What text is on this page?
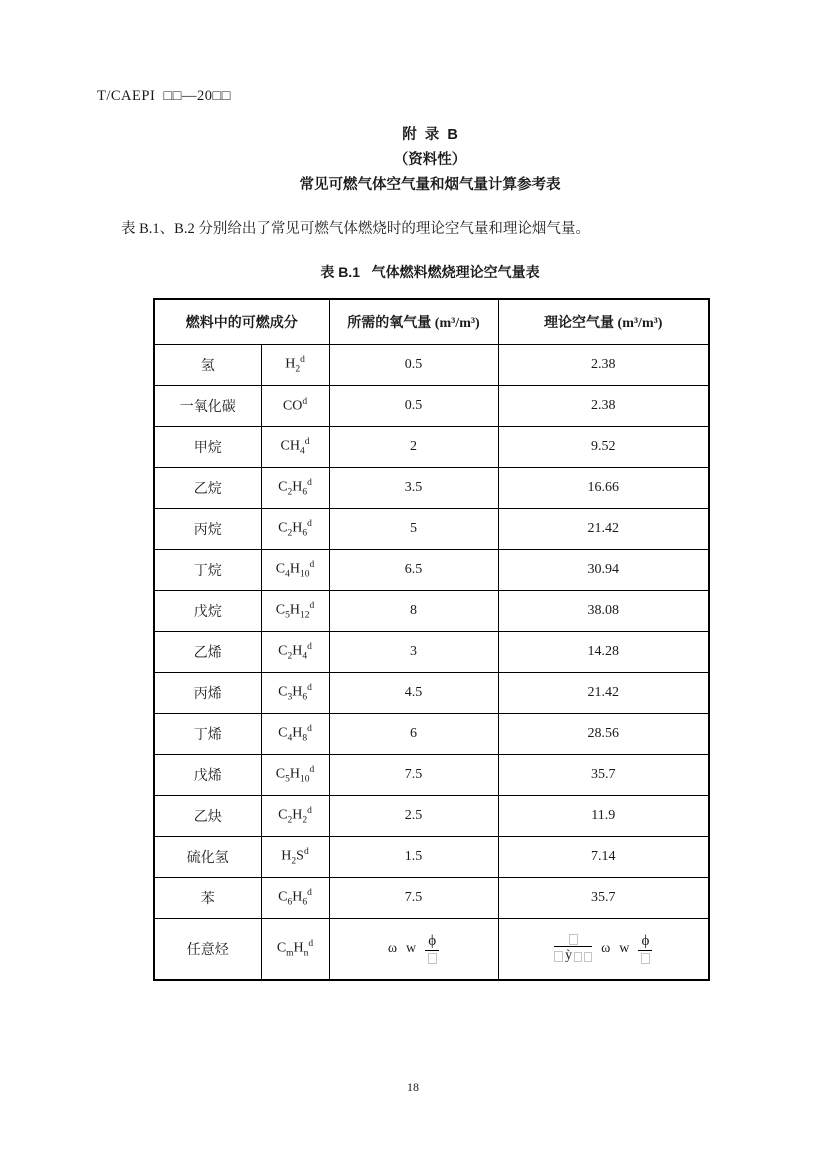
T/CAEPI  □□—20□□
附  录  B
（资料性）
常见可燃气体空气量和烟气量计算参考表

表 B.1、B.2 分别给出了常见可燃气体燃烧时的理论空气量和理论烟气量。

表 B.1   气体燃料燃烧理论空气量表
燃料中的可燃成分		所需的氧气量 (m³/m³)	理论空气量 (m³/m³)
氢	$H_2^d$	0.5	2.38
一氧化碳	$CO^d$	0.5	2.38
甲烷	$CH_4^d$	2	9.52
乙烷	$C_2H_6^d$	3.5	16.66
丙烷	$C_2H_6^d$	5	21.42
丁烷	$C_4H_{10}^d$	6.5	30.94
戊烷	$C_5H_{12}^d$	8	38.08
乙烯	$C_2H_4^d$	3	14.28
丙烯	$C_3H_6^d$	4.5	21.42
丁烯	$C_4H_8^d$	6	28.56
戊烯	$C_5H_{10}^d$	7.5	35.7
乙炔	$C_2H_2^d$	2.5	11.9
硫化氢	$H_2S^d$	1.5	7.14
苯	$C_6H_6^d$	7.5	35.7
任意烃	$C_mH_n^d$	ω w ϕ	ỳ ω w ϕ
18
